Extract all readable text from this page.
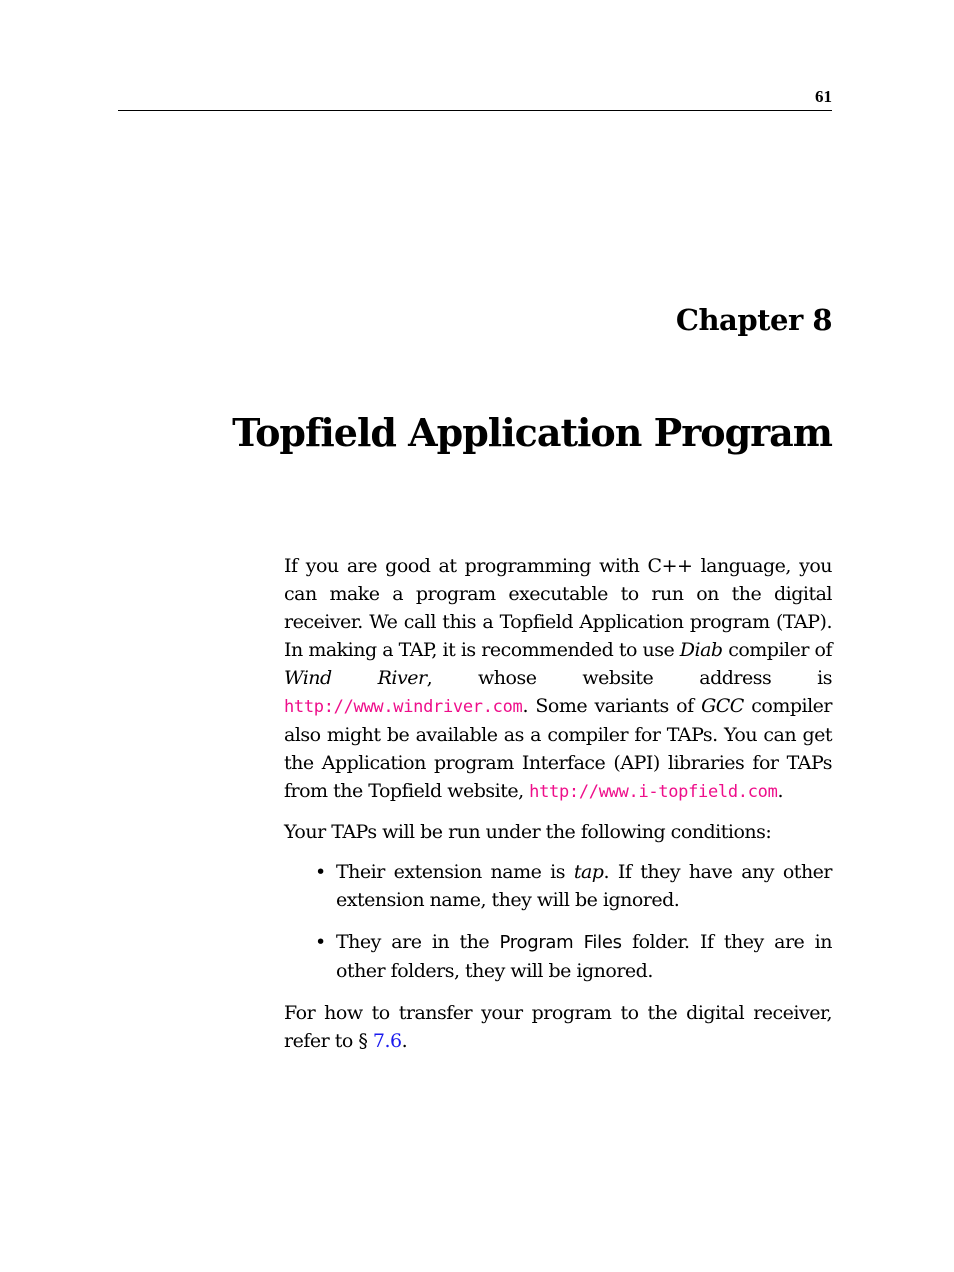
61
Chapter 8
Topfield Application Program

If you are good at programming with C++ language, you can make a program executable to run on the digital receiver. We call this a Topfield Application program (TAP). In making a TAP, it is recommended to use Diab compiler of Wind River, whose website address is http://www.windriver.com. Some variants of GCC compiler also might be available as a compiler for TAPs. You can get the Application program Interface (API) libraries for TAPs from the Topfield website, http://www.i-topfield.com.

Your TAPs will be run under the following conditions:

• Their extension name is tap. If they have any other extension name, they will be ignored.
• They are in the Program Files folder. If they are in other folders, they will be ignored.

For how to transfer your program to the digital receiver, refer to § 7.6.
